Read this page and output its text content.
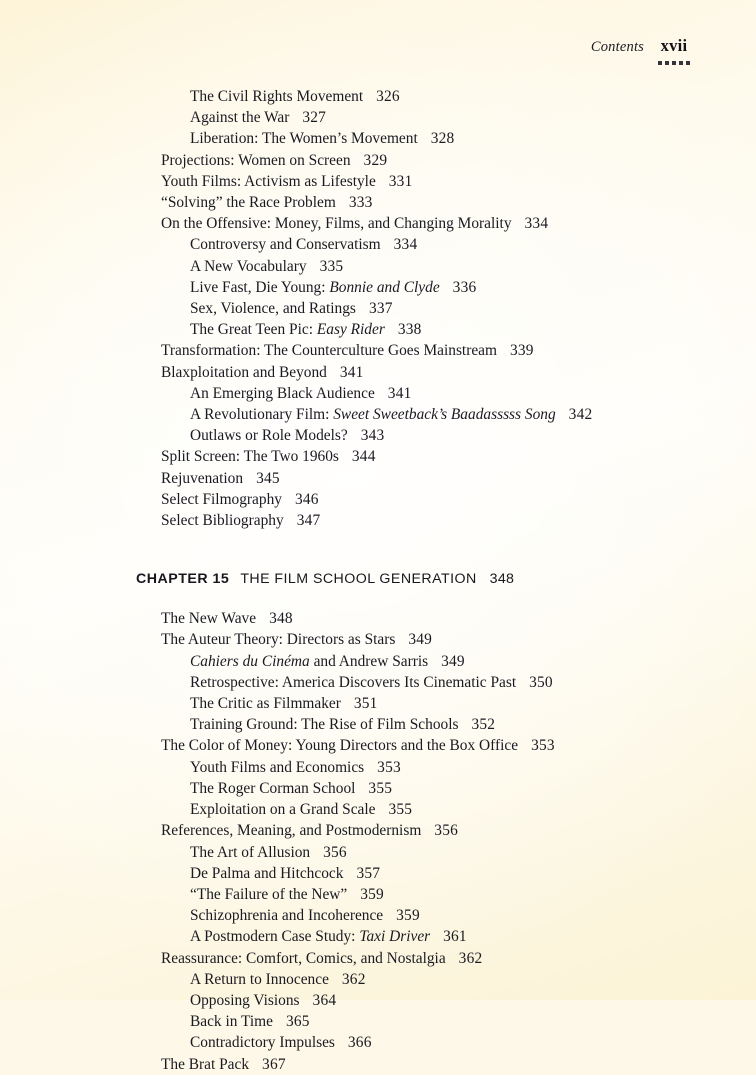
Contents xvii
The Civil Rights Movement 326
Against the War 327
Liberation: The Women’s Movement 328
Projections: Women on Screen 329
Youth Films: Activism as Lifestyle 331
“Solving” the Race Problem 333
On the Offensive: Money, Films, and Changing Morality 334
Controversy and Conservatism 334
A New Vocabulary 335
Live Fast, Die Young: Bonnie and Clyde 336
Sex, Violence, and Ratings 337
The Great Teen Pic: Easy Rider 338
Transformation: The Counterculture Goes Mainstream 339
Blaxploitation and Beyond 341
An Emerging Black Audience 341
A Revolutionary Film: Sweet Sweetback’s Baadasssss Song 342
Outlaws or Role Models? 343
Split Screen: The Two 1960s 344
Rejuvenation 345
Select Filmography 346
Select Bibliography 347
CHAPTER 15 THE FILM SCHOOL GENERATION 348
The New Wave 348
The Auteur Theory: Directors as Stars 349
Cahiers du Cinéma and Andrew Sarris 349
Retrospective: America Discovers Its Cinematic Past 350
The Critic as Filmmaker 351
Training Ground: The Rise of Film Schools 352
The Color of Money: Young Directors and the Box Office 353
Youth Films and Economics 353
The Roger Corman School 355
Exploitation on a Grand Scale 355
References, Meaning, and Postmodernism 356
The Art of Allusion 356
De Palma and Hitchcock 357
“The Failure of the New” 359
Schizophrenia and Incoherence 359
A Postmodern Case Study: Taxi Driver 361
Reassurance: Comfort, Comics, and Nostalgia 362
A Return to Innocence 362
Opposing Visions 364
Back in Time 365
Contradictory Impulses 366
The Brat Pack 367
